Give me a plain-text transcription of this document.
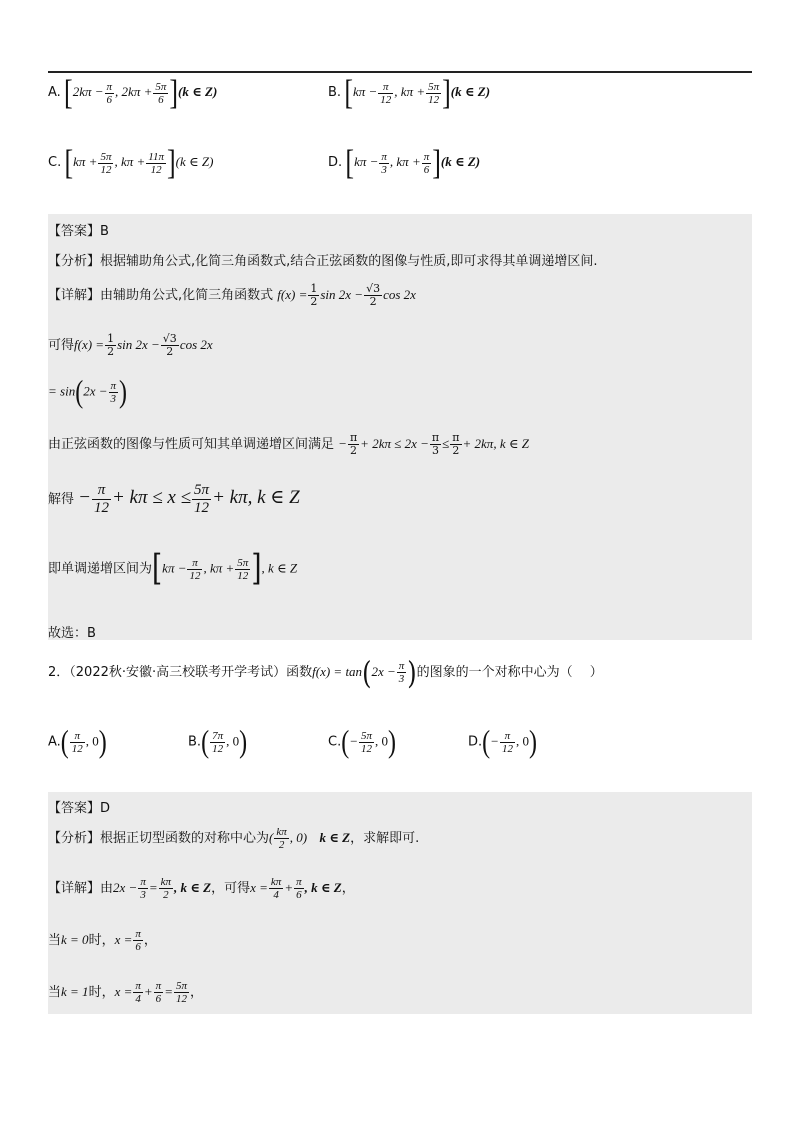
A. [$2k\pi - \frac{\pi}{6}$ , $2k\pi + \frac{5\pi}{6} ](k$ ∈ Z)	B. [$k\pi - \frac{\pi}{12}$ , $k\pi + \frac{5\pi}{12} ](k$ ∈ Z)
C. [$k\pi + \frac{5\pi}{12}$ , $k\pi + \frac{11\pi}{12} ](k$ ∈ Z)	D. [$k\pi - \frac{\pi}{3}$ , $k\pi + \frac{\pi}{6} ](k$ ∈ Z)
【答案】B
【分析】根据辅助角公式,化简三角函数式,结合正弦函数的图像与性质,即可求得其单调递增区间.
【详解】由辅助角公式,化简三角函数式 $f(x) = \frac{1}{2}$ $\sin 2x - \frac{√3}{2}$ cos 2x
可得$f(x) = \frac{1}{2}$ $\sin 2x - \frac{√3}{2}$ cos 2x
= $\sin(2x - \frac{\pi}{3}$ )
由正弦函数的图像与性质可知其单调递增区间满足 − $\frac{\pi}{2} + 2k\pi \le 2x - \frac{\pi}{3} \le \frac{\pi}{2} + 2k\pi$, k ∈ Z
解得 − $\frac{\pi}{12} + k\pi \le x \le \frac{5\pi}{12} + k\pi$, k ∈ Z
即单调递增区间为[$k\pi - \frac{\pi}{12}$ , $k\pi + \frac{5\pi}{12}$ ], k ∈ Z
故选：B
2．（2022秋·安徽·高三校联考开学考试）函数$f(x) = \tan(2x - \frac{\pi}{3}$ )的图象的一个对称中心为（　 ）
$A.( \frac{\pi}{12}$ , 0)	$B.( \frac{7\pi}{12}$ , 0)	$C.(- \frac{5\pi}{12}$ , 0)	$D.(- \frac{\pi}{12}$ , 0)
【答案】D
【分析】根据正切型函数的对称中心为( $\frac{k\pi}{2}$ , 0) k ∈ Z，求解即可.
【详解】由$2x - \frac{\pi}{3} = \frac{k\pi}{2}$ , k ∈ Z，可得$x = \frac{k\pi}{4} + \frac{\pi}{6}$ , k ∈ Z，
当k = 0时，$x = \frac{\pi}{6}$ ，
当k = 1时，$x = \frac{\pi}{4} + \frac{\pi}{6} = \frac{5\pi}{12}$ ，
